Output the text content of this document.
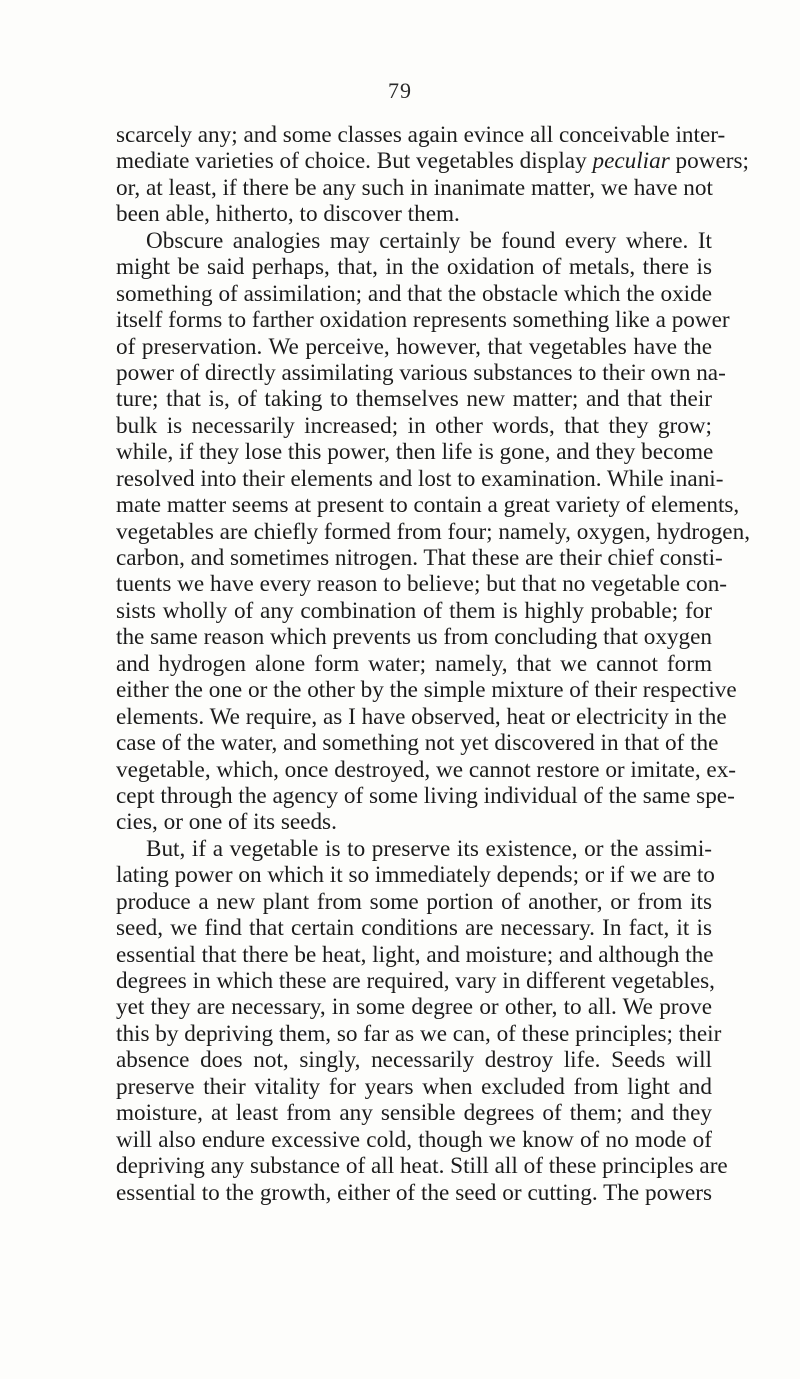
79
scarcely any; and some classes again evince all conceivable inter-
mediate varieties of choice. But vegetables display peculiar powers;
or, at least, if there be any such in inanimate matter, we have not
been able, hitherto, to discover them.
Obscure analogies may certainly be found every where. It
might be said perhaps, that, in the oxidation of metals, there is
something of assimilation; and that the obstacle which the oxide
itself forms to farther oxidation represents something like a power
of preservation. We perceive, however, that vegetables have the
power of directly assimilating various substances to their own na-
ture; that is, of taking to themselves new matter; and that their
bulk is necessarily increased; in other words, that they grow;
while, if they lose this power, then life is gone, and they become
resolved into their elements and lost to examination. While inani-
mate matter seems at present to contain a great variety of elements,
vegetables are chiefly formed from four; namely, oxygen, hydrogen,
carbon, and sometimes nitrogen. That these are their chief consti-
tuents we have every reason to believe; but that no vegetable con-
sists wholly of any combination of them is highly probable; for
the same reason which prevents us from concluding that oxygen
and hydrogen alone form water; namely, that we cannot form
either the one or the other by the simple mixture of their respective
elements. We require, as I have observed, heat or electricity in the
case of the water, and something not yet discovered in that of the
vegetable, which, once destroyed, we cannot restore or imitate, ex-
cept through the agency of some living individual of the same spe-
cies, or one of its seeds.
But, if a vegetable is to preserve its existence, or the assimi-
lating power on which it so immediately depends; or if we are to
produce a new plant from some portion of another, or from its
seed, we find that certain conditions are necessary. In fact, it is
essential that there be heat, light, and moisture; and although the
degrees in which these are required, vary in different vegetables,
yet they are necessary, in some degree or other, to all. We prove
this by depriving them, so far as we can, of these principles; their
absence does not, singly, necessarily destroy life. Seeds will
preserve their vitality for years when excluded from light and
moisture, at least from any sensible degrees of them; and they
will also endure excessive cold, though we know of no mode of
depriving any substance of all heat. Still all of these principles are
essential to the growth, either of the seed or cutting. The powers
